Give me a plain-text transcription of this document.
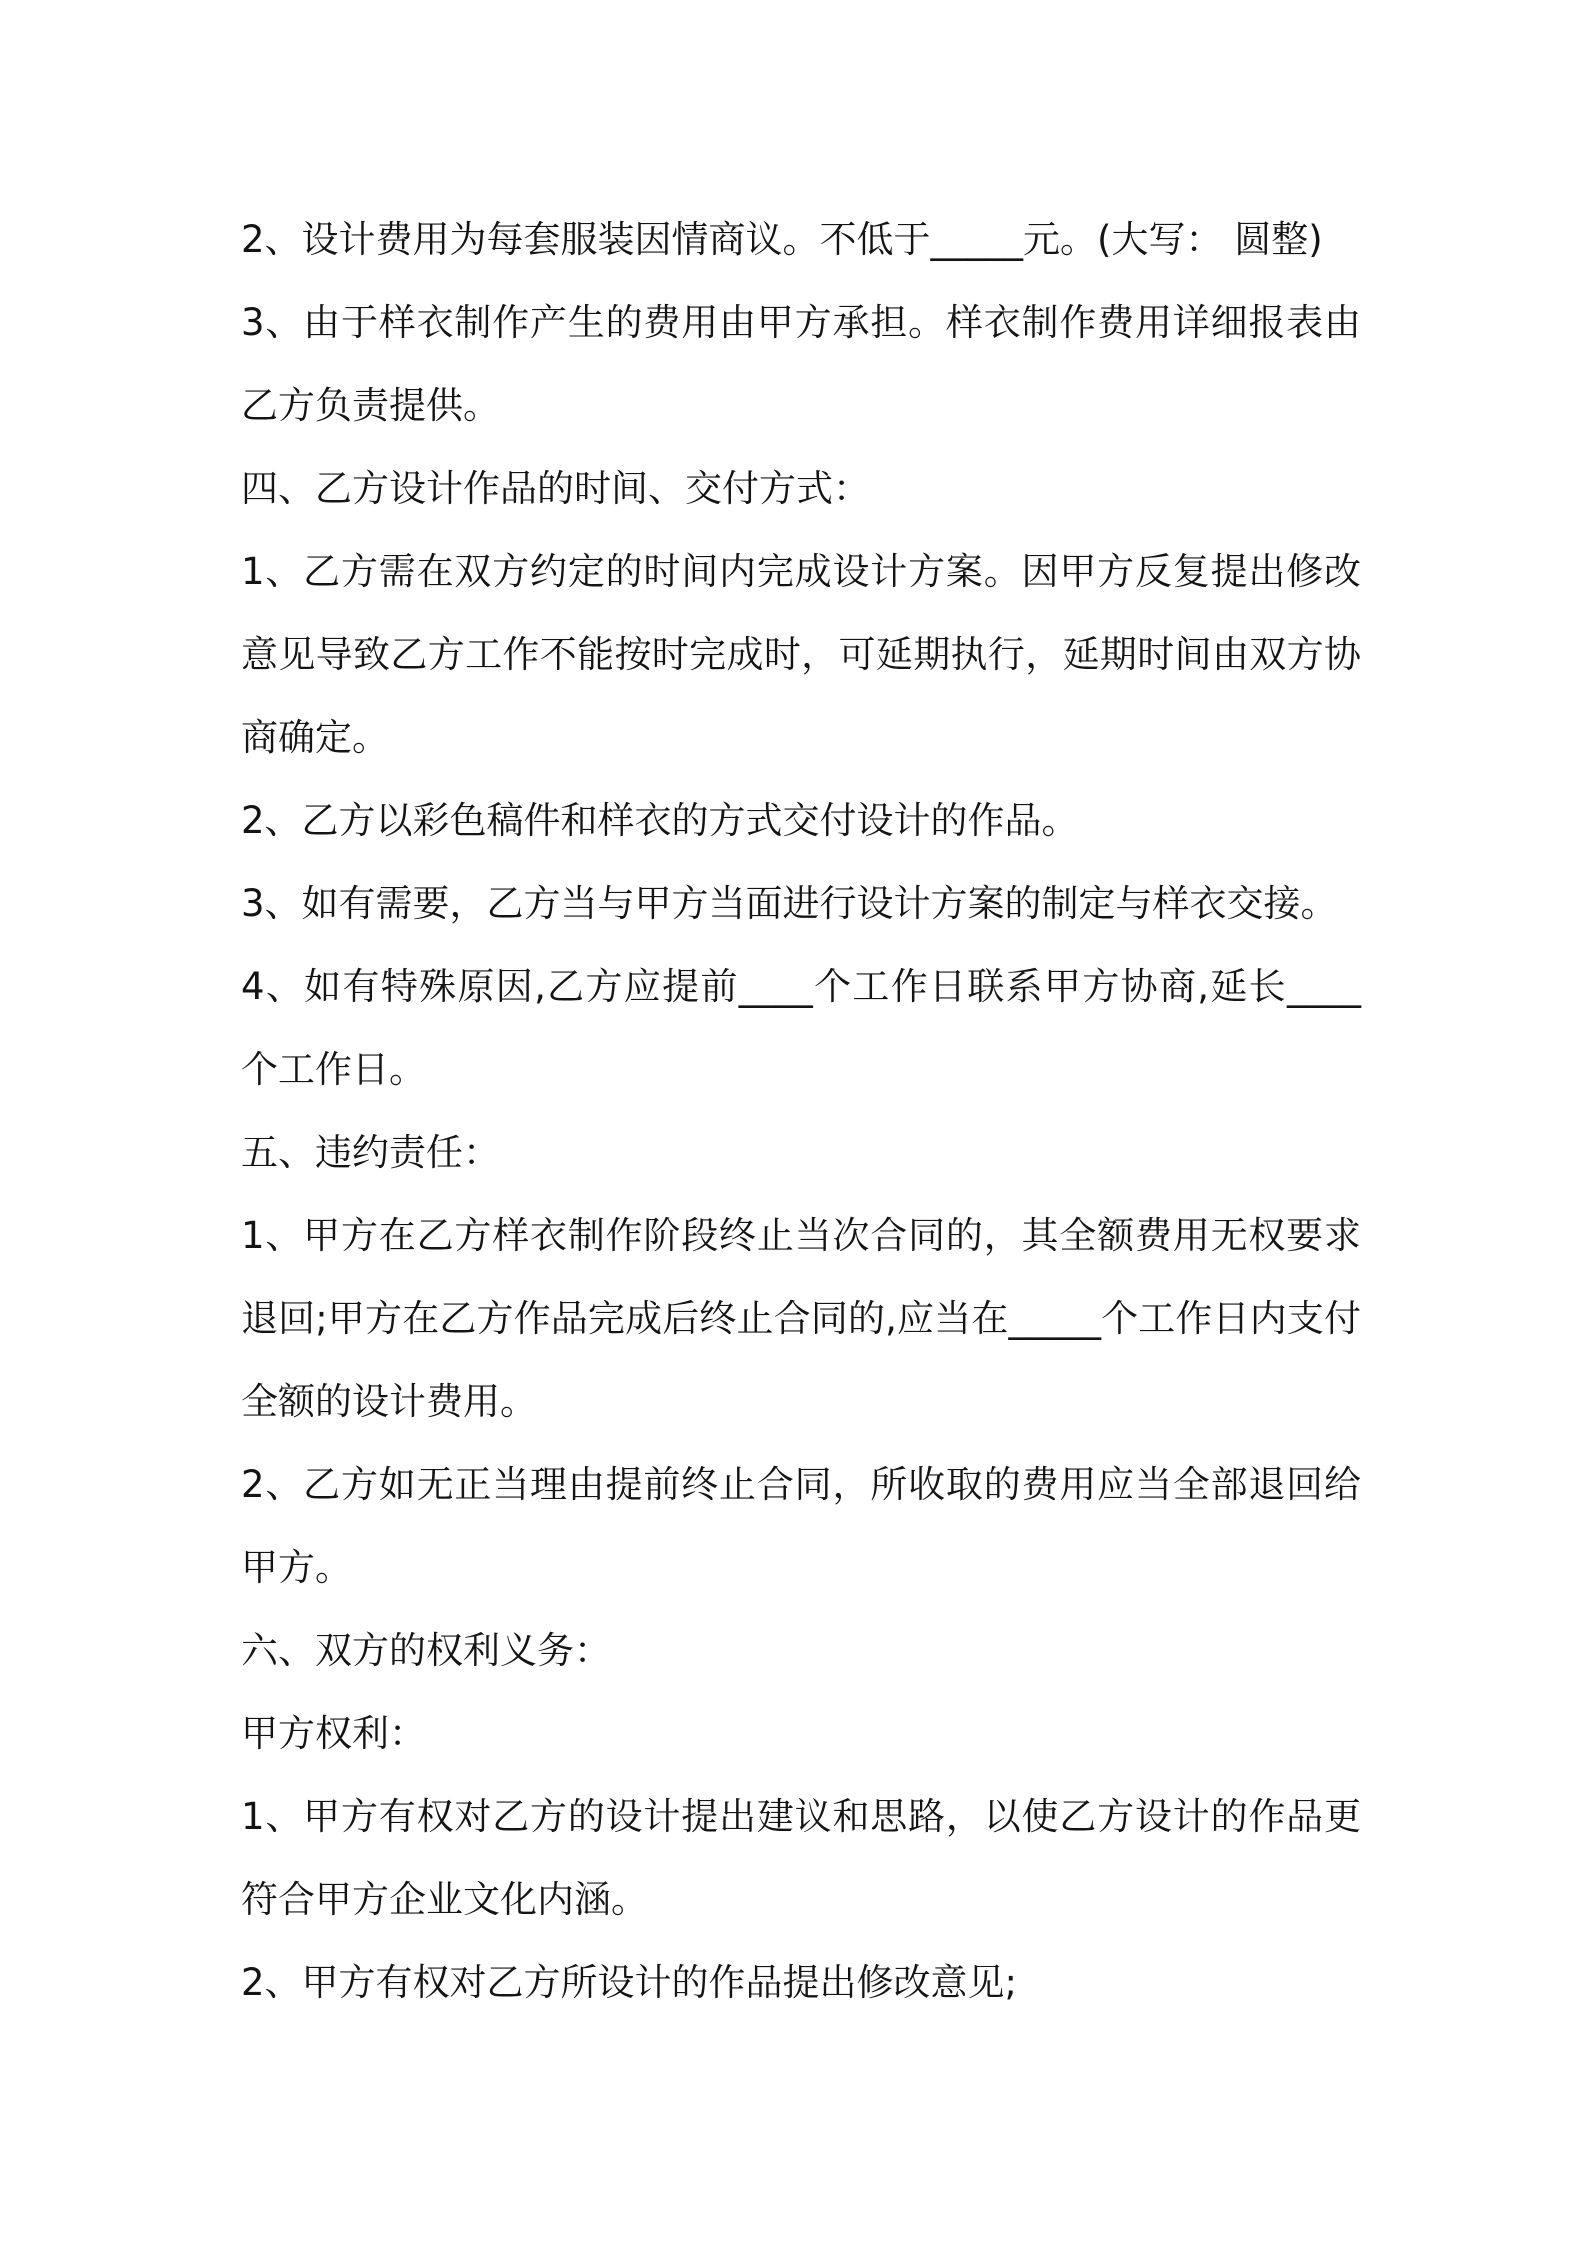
2、设计费用为每套服装因情商议。不低于_____元。(大写： 圆整)

3、由于样衣制作产生的费用由甲方承担。样衣制作费用详细报表由乙方负责提供。

四、乙方设计作品的时间、交付方式：

1、乙方需在双方约定的时间内完成设计方案。因甲方反复提出修改意见导致乙方工作不能按时完成时，可延期执行，延期时间由双方协商确定。

2、乙方以彩色稿件和样衣的方式交付设计的作品。

3、如有需要，乙方当与甲方当面进行设计方案的制定与样衣交接。

4、如有特殊原因,乙方应提前____个工作日联系甲方协商,延长____个工作日。

五、违约责任：

1、甲方在乙方样衣制作阶段终止当次合同的，其全额费用无权要求退回;甲方在乙方作品完成后终止合同的,应当在_____个工作日内支付全额的设计费用。

2、乙方如无正当理由提前终止合同，所收取的费用应当全部退回给甲方。

六、双方的权利义务：

甲方权利：

1、甲方有权对乙方的设计提出建议和思路，以使乙方设计的作品更符合甲方企业文化内涵。

2、甲方有权对乙方所设计的作品提出修改意见;
